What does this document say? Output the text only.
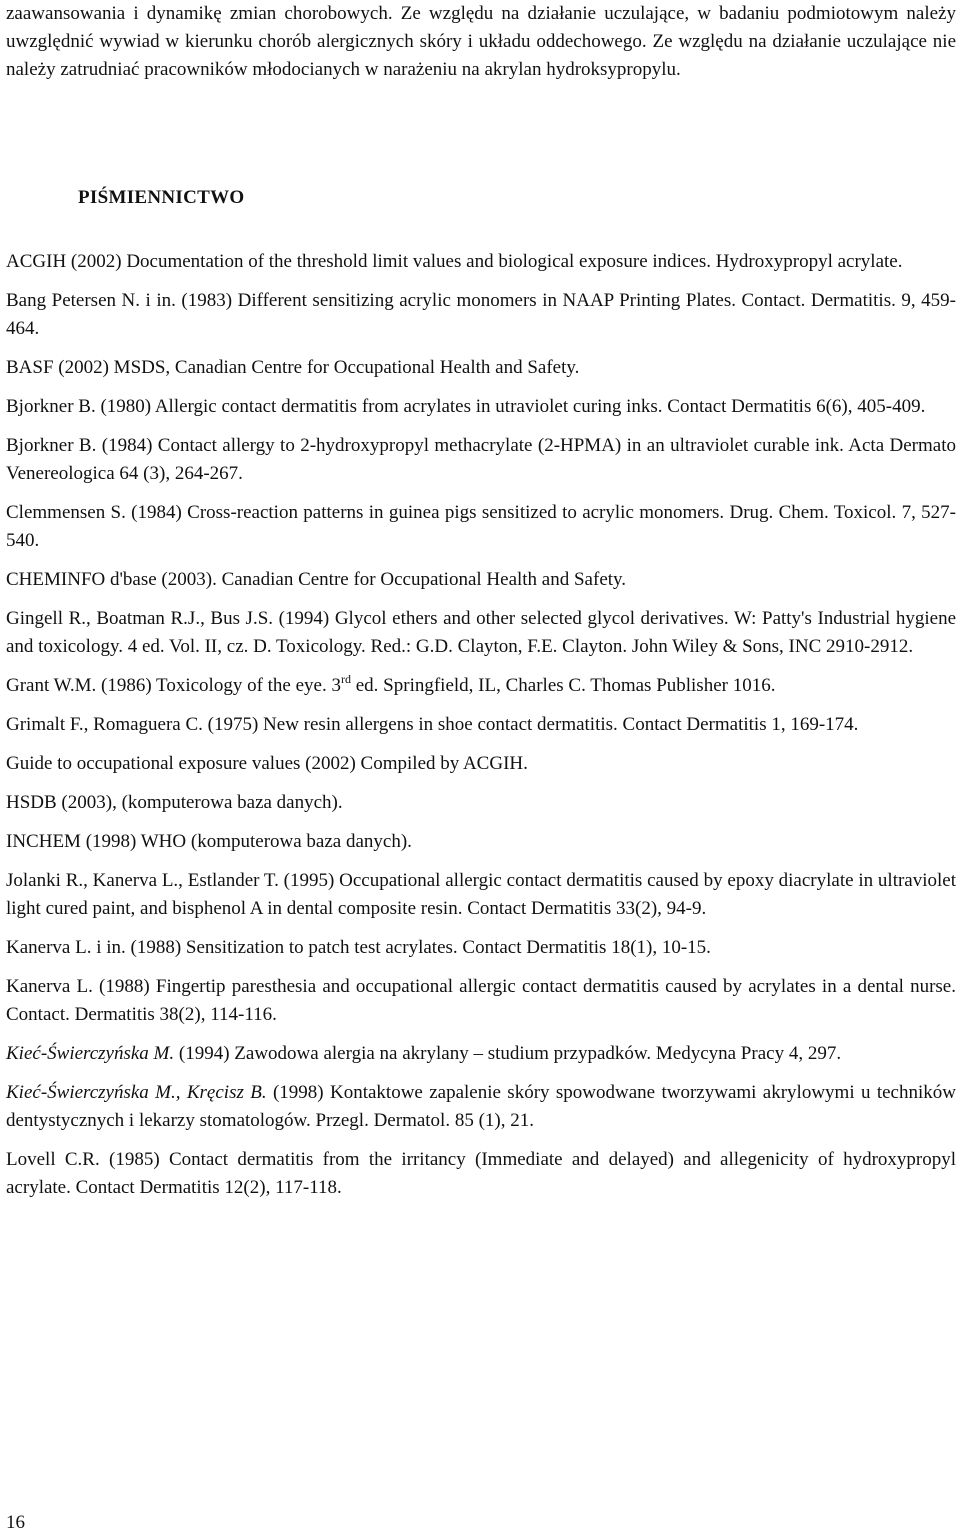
zaawansowania i dynamikę zmian chorobowych. Ze względu na działanie uczulające, w badaniu podmiotowym należy uwzględnić wywiad w kierunku chorób alergicznych skóry i układu oddechowego. Ze względu na działanie uczulające nie należy zatrudniać pracowników młodocianych w narażeniu na akrylan hydroksypropylu.

PIŚMIENNICTWO

ACGIH (2002) Documentation of the threshold limit values and biological exposure indices. Hydroxypropyl acrylate.

Bang Petersen N. i in. (1983) Different sensitizing acrylic monomers in NAAP Printing Plates. Contact. Dermatitis. 9, 459-464.

BASF (2002) MSDS, Canadian Centre for Occupational Health and Safety.

Bjorkner B. (1980) Allergic contact dermatitis from acrylates in utraviolet curing inks. Contact Dermatitis 6(6), 405-409.

Bjorkner B. (1984) Contact allergy to 2-hydroxypropyl methacrylate (2-HPMA) in an ultraviolet curable ink. Acta Dermato Venereologica 64 (3), 264-267.

Clemmensen S. (1984) Cross-reaction patterns in guinea pigs sensitized to acrylic monomers. Drug. Chem. Toxicol. 7, 527-540.

CHEMINFO d'base (2003). Canadian Centre for Occupational Health and Safety.

Gingell R., Boatman R.J., Bus J.S. (1994) Glycol ethers and other selected glycol derivatives. W: Patty's Industrial hygiene and toxicology. 4 ed. Vol. II, cz. D. Toxicology. Red.: G.D. Clayton, F.E. Clayton. John Wiley & Sons, INC 2910-2912.

Grant W.M. (1986) Toxicology of the eye. 3rd ed. Springfield, IL, Charles C. Thomas Publisher 1016.

Grimalt F., Romaguera C. (1975) New resin allergens in shoe contact dermatitis. Contact Dermatitis 1, 169-174.

Guide to occupational exposure values (2002) Compiled by ACGIH.

HSDB (2003), (komputerowa baza danych).

INCHEM (1998) WHO (komputerowa baza danych).

Jolanki R., Kanerva L., Estlander T. (1995) Occupational allergic contact dermatitis caused by epoxy diacrylate in ultraviolet light cured paint, and bisphenol A in dental composite resin. Contact Dermatitis 33(2), 94-9.

Kanerva L. i in. (1988) Sensitization to patch test acrylates. Contact Dermatitis 18(1), 10-15.

Kanerva L. (1988) Fingertip paresthesia and occupational allergic contact dermatitis caused by acrylates in a dental nurse. Contact. Dermatitis 38(2), 114-116.

Kieć-Świerczyńska M. (1994) Zawodowa alergia na akrylany – studium przypadków. Medycyna Pracy 4, 297.

Kieć-Świerczyńska M., Kręcisz B. (1998) Kontaktowe zapalenie skóry spowodwane tworzywami akrylowymi u techników dentystycznych i lekarzy stomatologów. Przegl. Dermatol. 85 (1), 21.

Lovell C.R. (1985) Contact dermatitis from the irritancy (Immediate and delayed) and allegenicity of hydroxypropyl acrylate. Contact Dermatitis 12(2), 117-118.

16
